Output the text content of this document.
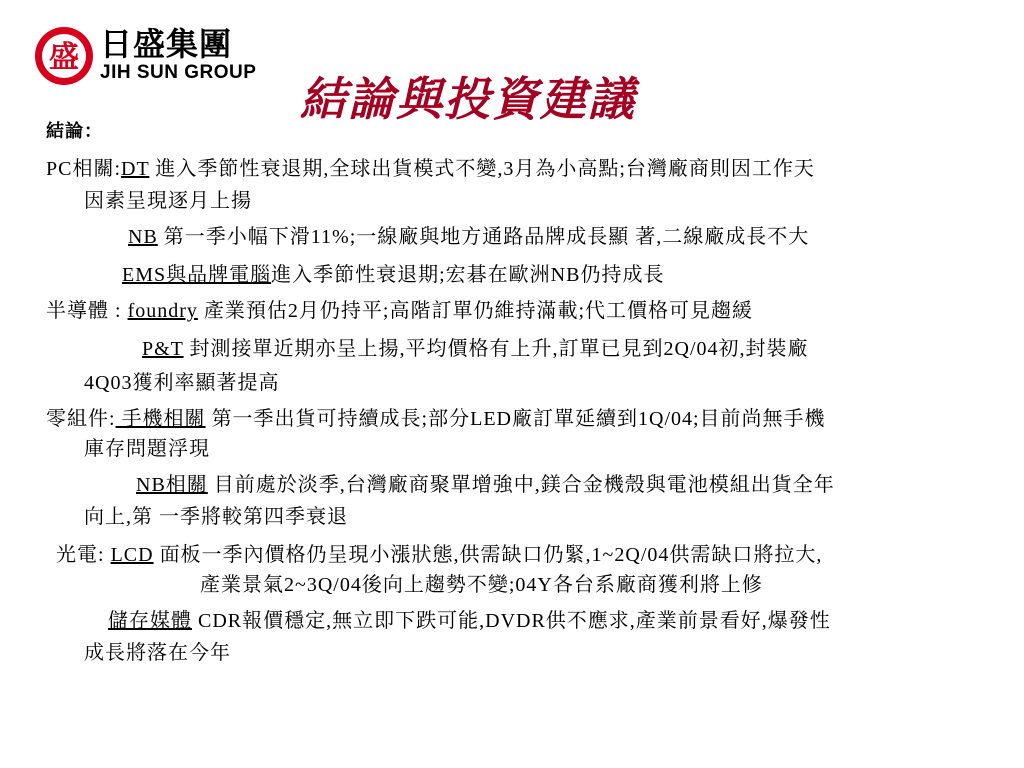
盛 日盛集團
JIH SUN GROUP 結論與投資建議
結論：
PC相關:DT 進入季節性衰退期,全球出貨模式不變,3月為小高點;台灣廠商則因工作天
因素呈現逐月上揚
NB 第一季小幅下滑11%;一線廠與地方通路品牌成長顯 著,二線廠成長不大
EMS與品牌電腦進入季節性衰退期;宏碁在歐洲NB仍持成長
半導體 : foundry 產業預估2月仍持平;高階訂單仍維持滿載;代工價格可見趨緩
P&T 封測接單近期亦呈上揚,平均價格有上升,訂單已見到2Q/04初,封裝廠
4Q03獲利率顯著提高
零組件: 手機相關 第一季出貨可持續成長;部分LED廠訂單延續到1Q/04;目前尚無手機
庫存問題浮現
NB相關 目前處於淡季,台灣廠商聚單增強中,鎂合金機殼與電池模組出貨全年
向上,第 一季將較第四季衰退
光電: LCD 面板一季內價格仍呈現小漲狀態,供需缺口仍緊,1~2Q/04供需缺口將拉大,
產業景氣2~3Q/04後向上趨勢不變;04Y各台系廠商獲利將上修
儲存媒體 CDR報價穩定,無立即下跌可能,DVDR供不應求,產業前景看好,爆發性
成長將落在今年
